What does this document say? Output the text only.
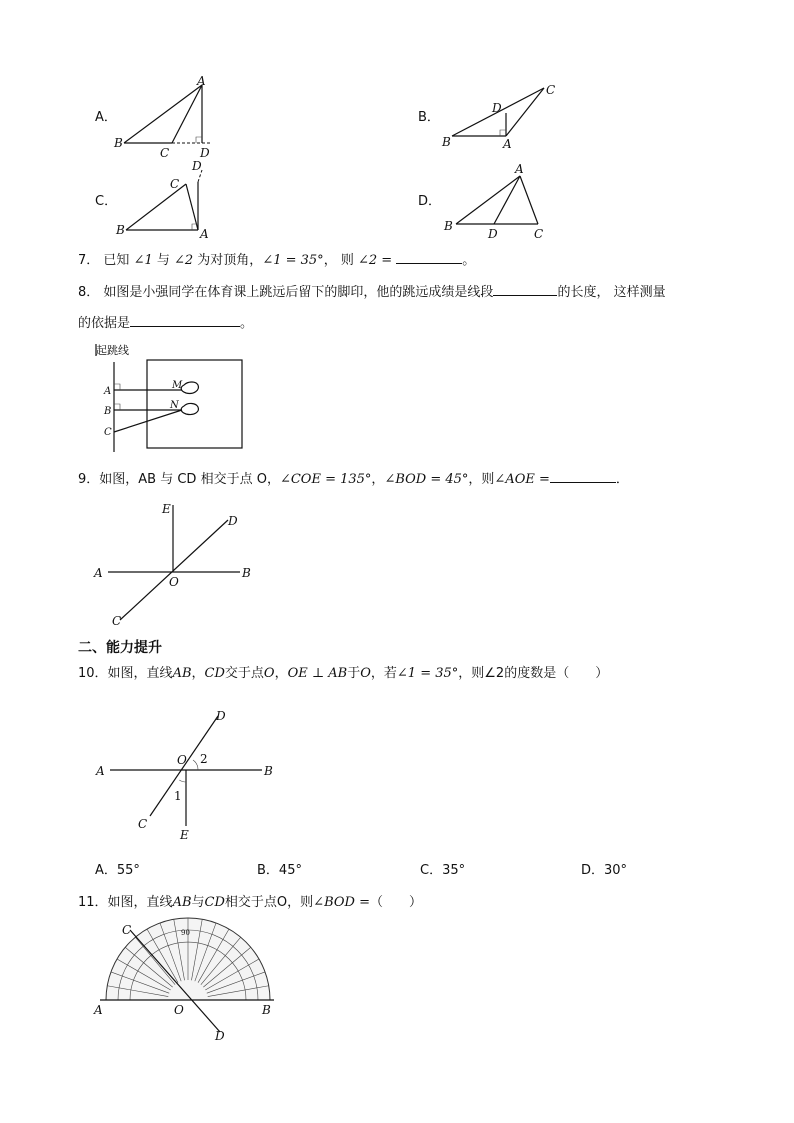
A．
B
C	D
A
B．
B	A
D
C
C．
B	A
C
D
D．
B
D	C
A
7． 已知 ∠1 与 ∠2 为对顶角，∠1 = 35°， 则 ∠2 =	。
8． 如图是小强同学在体育课上跳远后留下的脚印，他的跳远成绩是线段	的长度， 这样测量
的依据是	。
起跳线
A
B
C
M
N
9．如图，AB 与 CD 相交于点 O，∠COE = 135°，∠BOD = 45°，则∠AOE =	．
E
D
A
O
B
C
二、能力提升
10．如图，直线AB，CD交于点O，OE ⊥ AB于O，若∠1 = 35°，则∠2的度数是（　　）
D
A
O
B
C
E
1
2
A．55°	B．45°	C．35°	D．30°
11．如图，直线AB与CD相交于点O，则∠BOD =（　　）
90
C
A	O	B
D
